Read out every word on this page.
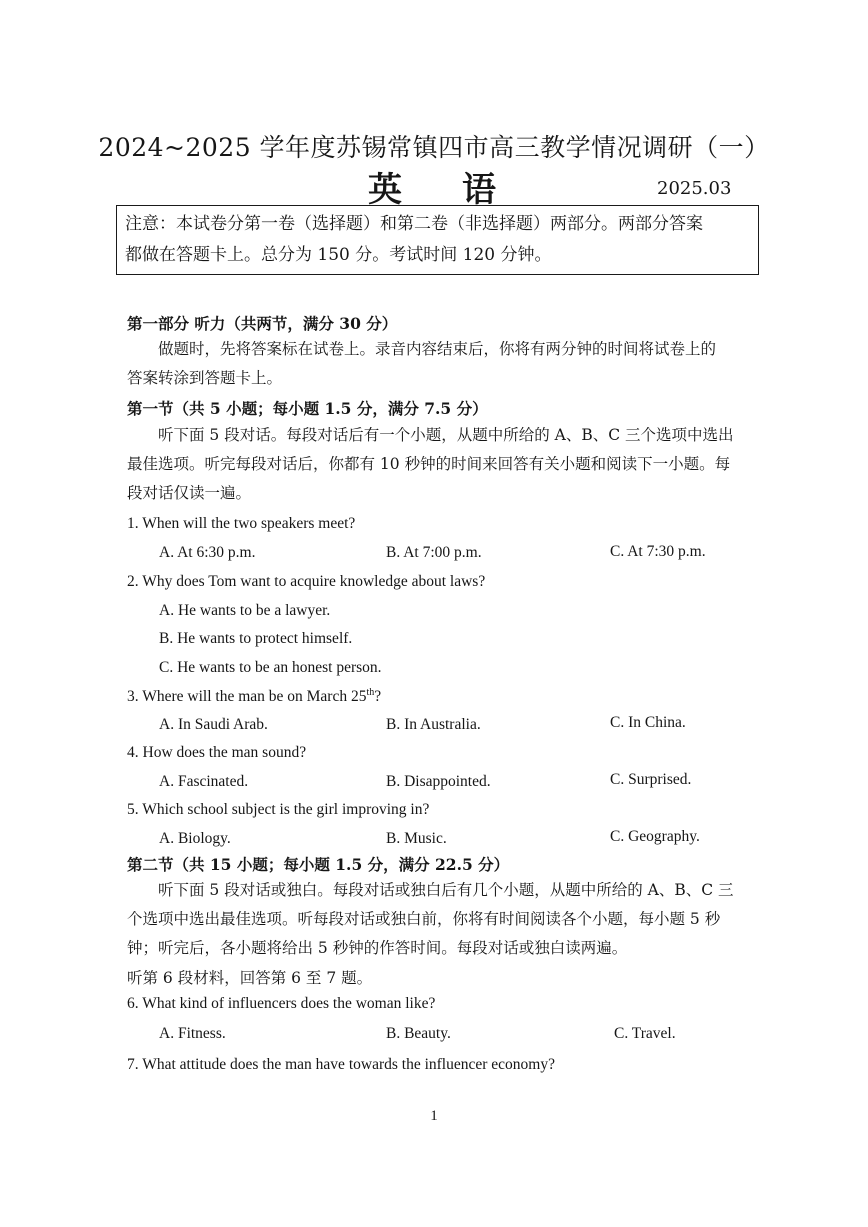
2024~2025 学年度苏锡常镇四市高三教学情况调研（一）
英语	2025.03

注意：本试卷分第一卷（选择题）和第二卷（非选择题）两部分。两部分答案

都做在答题卡上。总分为 150 分。考试时间 120 分钟。

第一部分 听力（共两节，满分 30 分）

做题时，先将答案标在试卷上。录音内容结束后，你将有两分钟的时间将试卷上的

答案转涂到答题卡上。

第一节（共 5 小题；每小题 1.5 分，满分 7.5 分）

听下面 5 段对话。每段对话后有一个小题，从题中所给的 A、B、C 三个选项中选出

最佳选项。听完每段对话后，你都有 10 秒钟的时间来回答有关小题和阅读下一小题。每

段对话仅读一遍。

1. When will the two speakers meet?
A. At 6:30 p.m.	B. At 7:00 p.m.	C. At 7:30 p.m.
2. Why does Tom want to acquire knowledge about laws?
A. He wants to be a lawyer.
B. He wants to protect himself.
C. He wants to be an honest person.
3. Where will the man be on March 25th?
A. In Saudi Arab.	B. In Australia.	C. In China.
4. How does the man sound?
A. Fascinated.	B. Disappointed.	C. Surprised.
5. Which school subject is the girl improving in?
A. Biology.	B. Music.	C. Geography.
第二节（共 15 小题；每小题 1.5 分，满分 22.5 分）

听下面 5 段对话或独白。每段对话或独白后有几个小题，从题中所给的 A、B、C 三

个选项中选出最佳选项。听每段对话或独白前，你将有时间阅读各个小题，每小题 5 秒

钟；听完后，各小题将给出 5 秒钟的作答时间。每段对话或独白读两遍。

听第 6 段材料，回答第 6 至 7 题。
6. What kind of influencers does the woman like?
A. Fitness.	B. Beauty.	C. Travel.
7. What attitude does the man have towards the influencer economy?
1
